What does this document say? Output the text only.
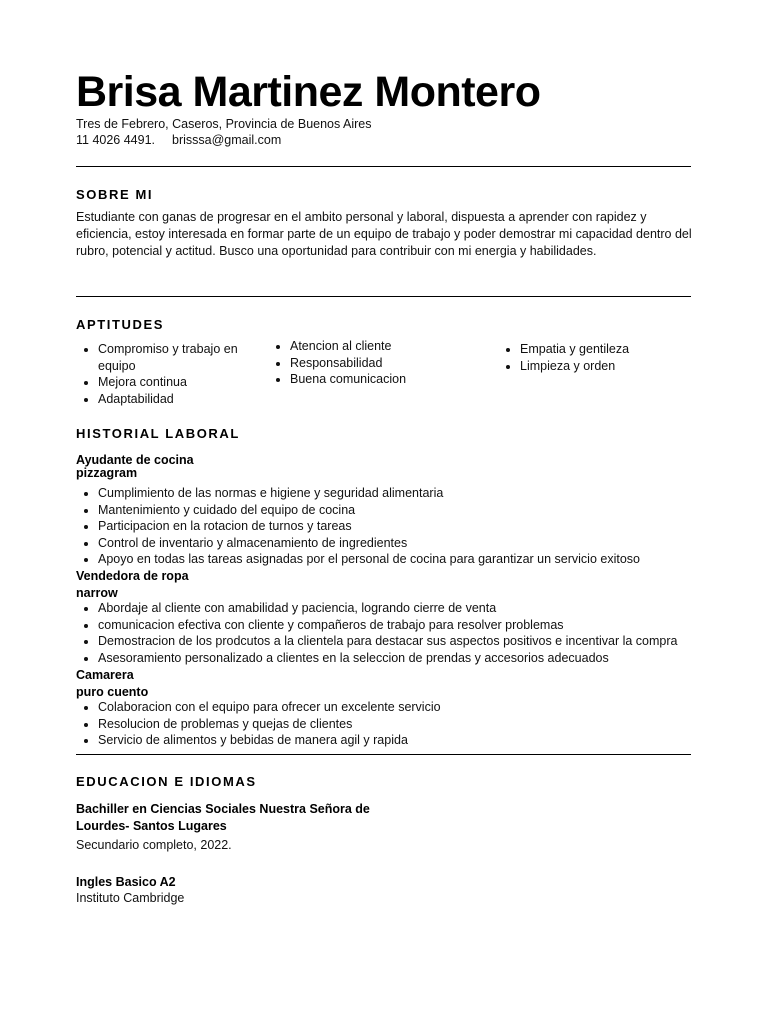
Brisa Martinez Montero
Tres de Febrero, Caseros, Provincia de Buenos Aires
11 4026 4491. brisssa@gmail.com
SOBRE MI
Estudiante con ganas de progresar en el ambito personal y laboral, dispuesta a aprender con rapidez y eficiencia, estoy interesada en formar parte de un equipo de trabajo y poder demostrar mi capacidad dentro del rubro, potencial y actitud. Busco una oportunidad para contribuir con mi energia y habilidades.
APTITUDES
• Compromiso y trabajo en equipo
• Mejora continua
• Adaptabilidad
• Atencion al cliente
• Responsabilidad
• Buena comunicacion
• Empatia y gentileza
• Limpieza y orden
HISTORIAL LABORAL
Ayudante de cocina
pizzagram
• Cumplimiento de las normas e higiene y seguridad alimentaria
• Mantenimiento y cuidado del equipo de cocina
• Participacion en la rotacion de turnos y tareas
• Control de inventario y almacenamiento de ingredientes
• Apoyo en todas las tareas asignadas por el personal de cocina para garantizar un servicio exitoso
Vendedora de ropa
narrow
• Abordaje al cliente con amabilidad y paciencia, logrando cierre de venta
• comunicacion efectiva con cliente y compañeros de trabajo para resolver problemas
• Demostracion de los prodcutos a la clientela para destacar sus aspectos positivos e incentivar la compra
• Asesoramiento personalizado a clientes en la seleccion de prendas y accesorios adecuados
Camarera
puro cuento
• Colaboracion con el equipo para ofrecer un excelente servicio
• Resolucion de problemas y quejas de clientes
• Servicio de alimentos y bebidas de manera agil y rapida
EDUCACION E IDIOMAS
Bachiller en Ciencias Sociales Nuestra Señora de Lourdes- Santos Lugares
Secundario completo, 2022.
Ingles Basico A2
Instituto Cambridge
